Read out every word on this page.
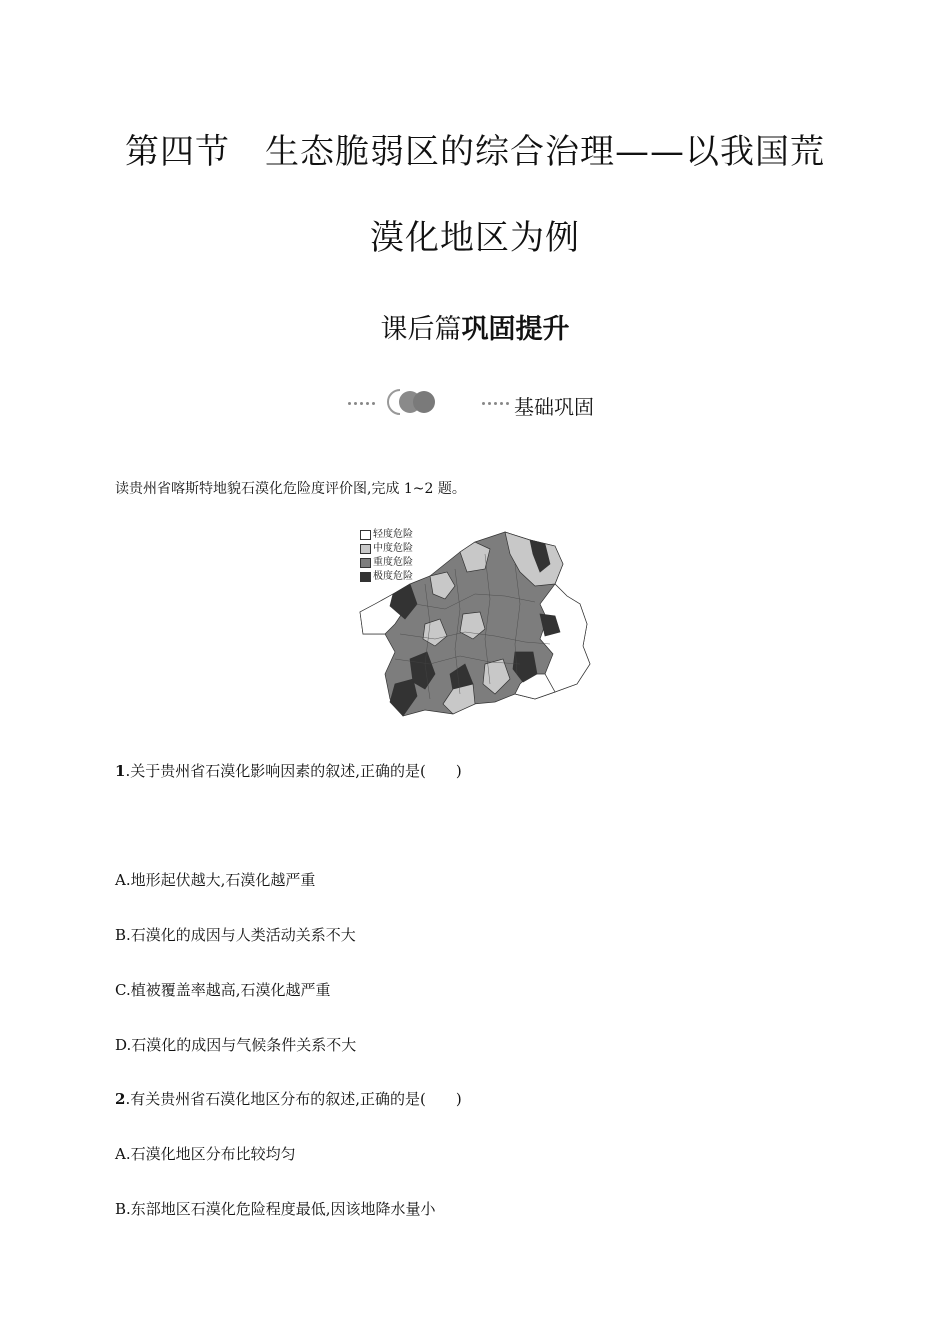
第四节　生态脆弱区的综合治理——以我国荒
漠化地区为例
课后篇巩固提升
基础巩固
读贵州省喀斯特地貌石漠化危险度评价图,完成 1~2 题。
轻度危险
中度危险
重度危险
极度危险
1.关于贵州省石漠化影响因素的叙述,正确的是(　　)
A.地形起伏越大,石漠化越严重
B.石漠化的成因与人类活动关系不大
C.植被覆盖率越高,石漠化越严重
D.石漠化的成因与气候条件关系不大
2.有关贵州省石漠化地区分布的叙述,正确的是(　　)
A.石漠化地区分布比较均匀
B.东部地区石漠化危险程度最低,因该地降水量小
